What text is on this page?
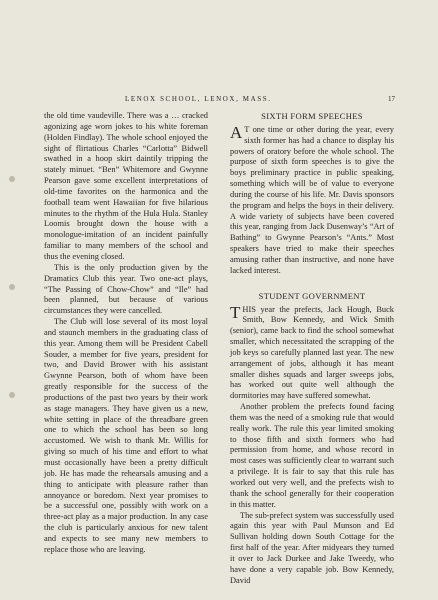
LENOX SCHOOL, LENOX, MASS.	17

the old time vaudeville. There was a … cracked agonizing age worn jokes to his white foreman (Holden Findlay). The whole school enjoyed the sight of flirtatious Charles “Carlotta” Bidwell swathed in a hoop skirt daintily tripping the stately minuet. “Ben” Whitemore and Gwynne Pearson gave some excellent interpretations of old-time favorites on the harmonica and the football team went Hawaiian for five hilarious minutes to the rhythm of the Hula Hula. Stanley Loomis brought down the house with a monologue-imitation of an incident painfully familiar to many members of the school and thus the evening closed.

This is the only production given by the Dramatics Club this year. Two one-act plays, “The Passing of Chow-Chow” and “Ile” had been planned, but because of various circumstances they were cancelled.

The Club will lose several of its most loyal and staunch members in the graduating class of this year. Among them will be President Cabell Souder, a member for five years, president for two, and David Brower with his assistant Gwynne Pearson, both of whom have been greatly responsible for the success of the productions of the past two years by their work as stage managers. They have given us a new, white setting in place of the threadbare green one to which the school has been so long accustomed. We wish to thank Mr. Willis for giving so much of his time and effort to what must occasionally have been a pretty difficult job. He has made the rehearsals amusing and a thing to anticipate with pleasure rather than annoyance or boredom. Next year promises to be a successful one, possibly with work on a three-act play as a major production. In any case the club is particularly anxious for new talent and expects to see many new members to replace those who are leaving.

SIXTH FORM SPEECHES

A T one time or other during the year, every sixth former has had a chance to display his powers of oratory before the whole school. The purpose of sixth form speeches is to give the boys preliminary practice in public speaking, something which will be of value to everyone during the course of his life. Mr. Davis sponsors the program and helps the boys in their delivery. A wide variety of subjects have been covered this year, ranging from Jack Dusenway’s “Art of Bathing” to Gwynne Pearson’s “Ants.” Most speakers have tried to make their speeches amusing rather than instructive, and none have lacked interest.

STUDENT GOVERNMENT

THIS year the prefects, Jack Hough, Buck Smith, Bow Kennedy, and Wick Smith (senior), came back to find the school somewhat smaller, which necessitated the scrapping of the job keys so carefully planned last year. The new arrangement of jobs, although it has meant smaller dishes squads and larger sweeps jobs, has worked out quite well although the dormitories may have suffered somewhat.

Another problem the prefects found facing them was the need of a smoking rule that would really work. The rule this year limited smoking to those fifth and sixth formers who had permission from home, and whose record in most cases was sufficiently clear to warrant such a privilege. It is fair to say that this rule has worked out very well, and the prefects wish to thank the school generally for their cooperation in this matter.

The sub-prefect system was successfully used again this year with Paul Munson and Ed Sullivan holding down South Cottage for the first half of the year. After midyears they turned it over to Jack Durkee and Jake Tweedy, who have done a very capable job. Bow Kennedy, David
